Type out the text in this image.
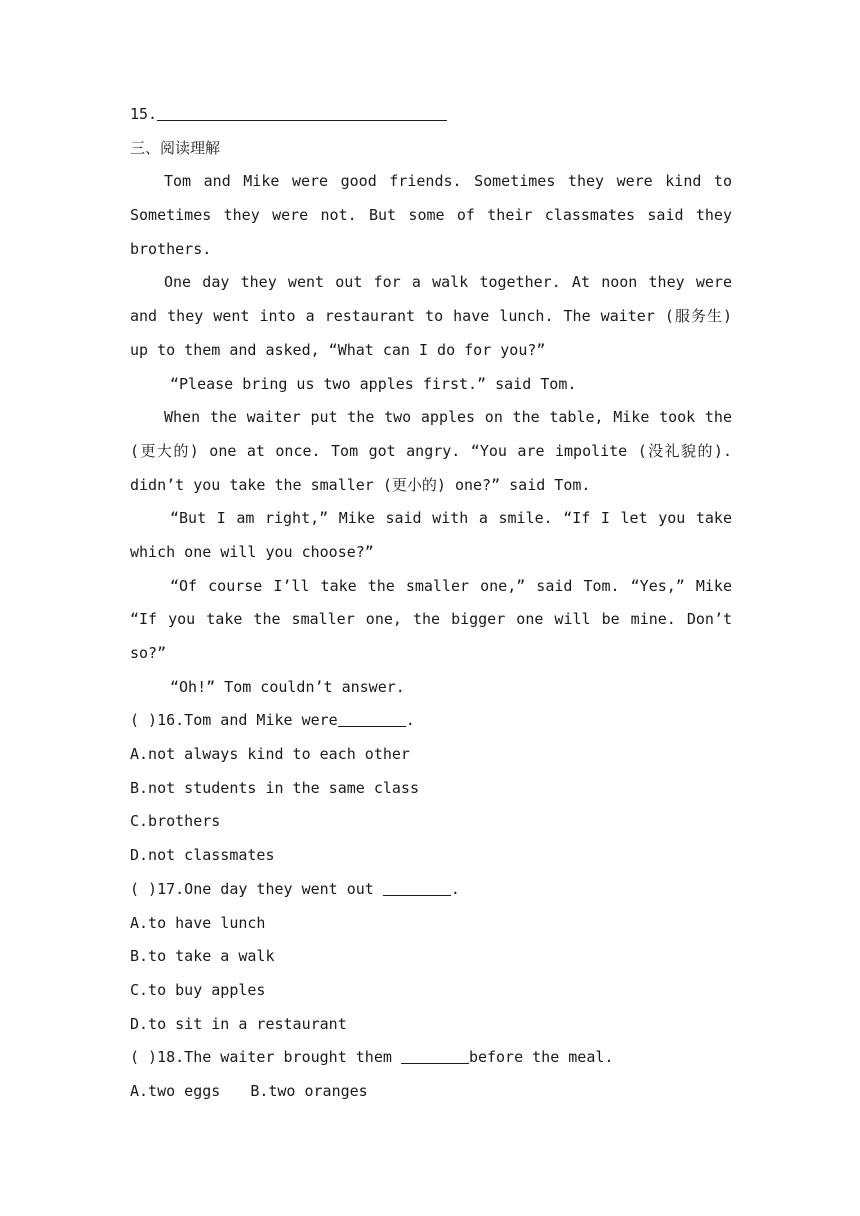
15.
三、阅读理解
Tom and Mike were good friends. Sometimes they were kind to
Sometimes they were not. But some of their classmates said they
brothers.
One day they went out for a walk together. At noon they were
and they went into a restaurant to have lunch. The waiter (服务生)
up to them and asked, “What can I do for you?”
“Please bring us two apples first.” said Tom.
When the waiter put the two apples on the table, Mike took the
(更大的) one at once. Tom got angry. “You are impolite (没礼貌的).
didn’t you take the smaller (更小的) one?” said Tom.
“But I am right,” Mike said with a smile. “If I let you take
which one will you choose?”
“Of course I’ll take the smaller one,” said Tom. “Yes,” Mike
“If you take the smaller one, the bigger one will be mine. Don’t
so?”
“Oh!” Tom couldn’t answer.
( )16.Tom and Mike were	.
A.not always kind to each other
B.not students in the same class
C.brothers
D.not classmates
( )17.One day they went out	.
A.to have lunch
B.to take a walk
C.to buy apples
D.to sit in a restaurant
( )18.The waiter brought them	before the meal.
A.two eggs B.two oranges
